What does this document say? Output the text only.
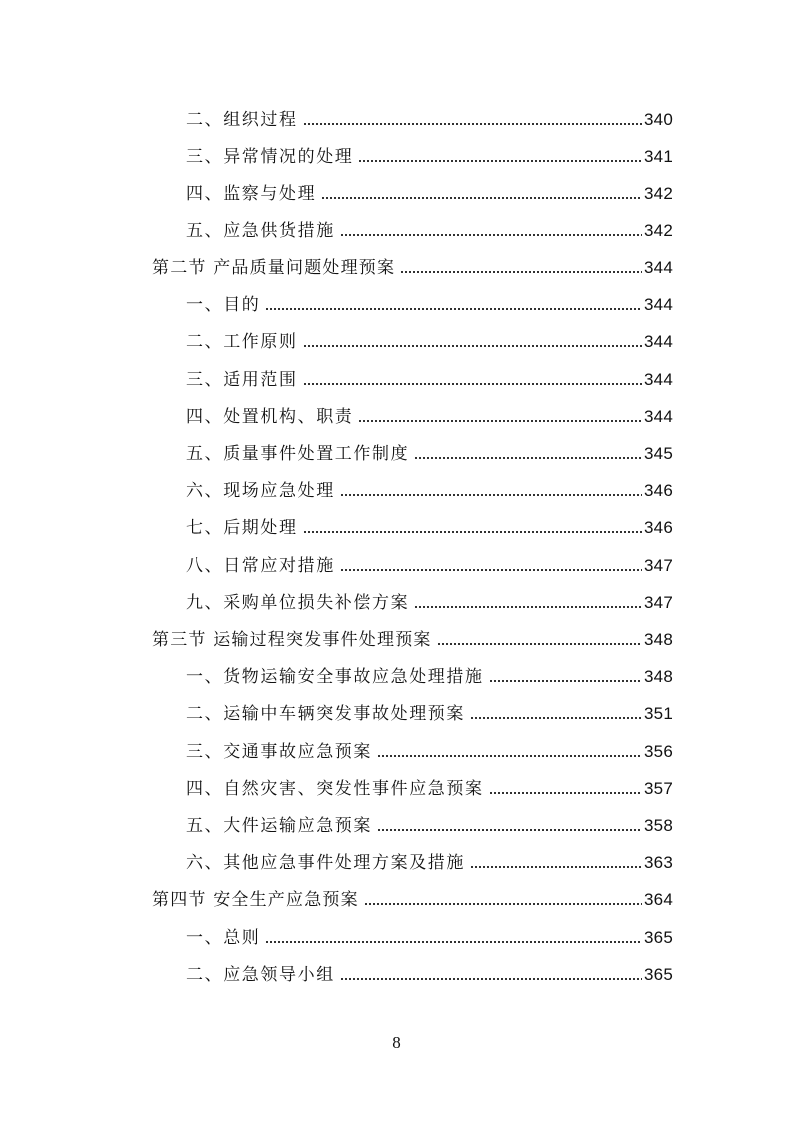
二、组织过程	340
三、异常情况的处理	341
四、监察与处理	342
五、应急供货措施	342
第二节 产品质量问题处理预案	344
一、目的	344
二、工作原则	344
三、适用范围	344
四、处置机构、职责	344
五、质量事件处置工作制度	345
六、现场应急处理	346
七、后期处理	346
八、日常应对措施	347
九、采购单位损失补偿方案	347
第三节 运输过程突发事件处理预案	348
一、货物运输安全事故应急处理措施	348
二、运输中车辆突发事故处理预案	351
三、交通事故应急预案	356
四、自然灾害、突发性事件应急预案	357
五、大件运输应急预案	358
六、其他应急事件处理方案及措施	363
第四节 安全生产应急预案	364
一、总则	365
二、应急领导小组	365
8
